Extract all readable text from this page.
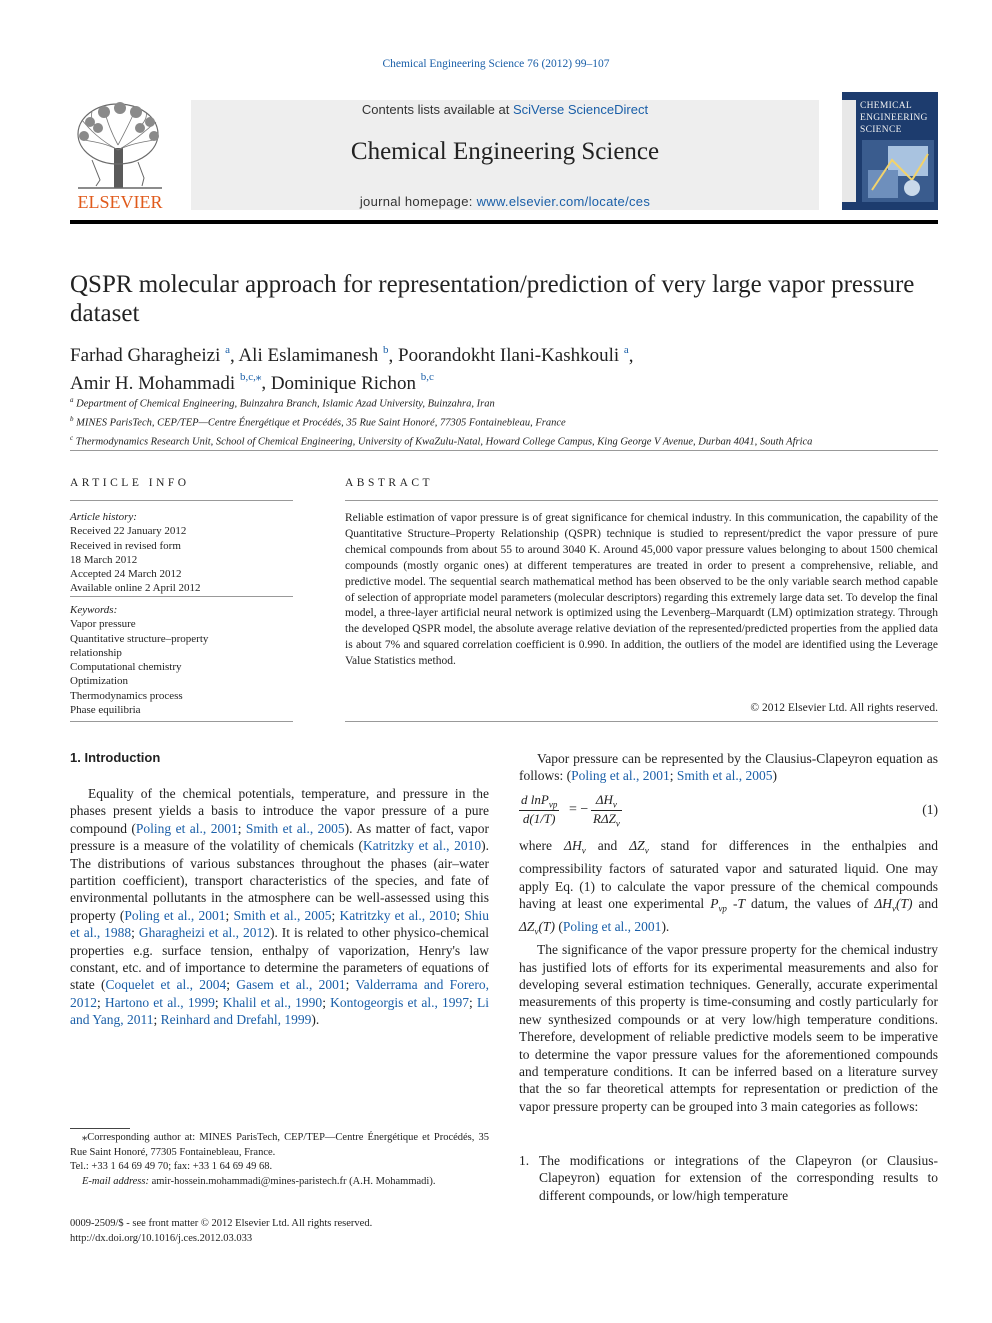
Chemical Engineering Science 76 (2012) 99–107
ELSEVIER
Contents lists available at SciVerse ScienceDirect
Chemical Engineering Science
journal homepage: www.elsevier.com/locate/ces
CHEMICAL
ENGINEERING
SCIENCE
QSPR molecular approach for representation/prediction of very large vapor pressure dataset
Farhad Gharagheizi $^a$, Ali Eslamimanesh $^b$, Poorandokht Ilani-Kashkouli $^a$,
Amir H. Mohammadi $^{b,c,⁎}$, Dominique Richon $^{b,c}$
$^a$ Department of Chemical Engineering, Buinzahra Branch, Islamic Azad University, Buinzahra, Iran
$^b$ MINES ParisTech, CEP/TEP—Centre Énergétique et Procédés, 35 Rue Saint Honoré, 77305 Fontainebleau, France
$^c$ Thermodynamics Research Unit, School of Chemical Engineering, University of KwaZulu-Natal, Howard College Campus, King George V Avenue, Durban 4041, South Africa
ARTICLE INFO
Article history:
Received 22 January 2012
Received in revised form
18 March 2012
Accepted 24 March 2012
Available online 2 April 2012
Keywords:
Vapor pressure
Quantitative structure–property
relationship
Computational chemistry
Optimization
Thermodynamics process
Phase equilibria
ABSTRACT
Reliable estimation of vapor pressure is of great significance for chemical industry. In this communication, the capability of the Quantitative Structure–Property Relationship (QSPR) technique is studied to represent/predict the vapor pressure of pure chemical compounds from about 55 to around 3040 K. Around 45,000 vapor pressure values belonging to about 1500 chemical compounds (mostly organic ones) at different temperatures are treated in order to present a comprehensive, reliable, and predictive model. The sequential search mathematical method has been observed to be the only variable search method capable of selection of appropriate model parameters (molecular descriptors) regarding this extremely large data set. To develop the final model, a three-layer artificial neural network is optimized using the Levenberg–Marquardt (LM) optimization strategy. Through the developed QSPR model, the absolute average relative deviation of the represented/predicted properties from the applied data is about 7% and squared correlation coefficient is 0.990. In addition, the outliers of the model are identified using the Leverage Value Statistics method.
© 2012 Elsevier Ltd. All rights reserved.
1. Introduction

Equality of the chemical potentials, temperature, and pressure in the phases present yields a basis to introduce the vapor pressure of a pure compound (Poling et al., 2001; Smith et al., 2005). As matter of fact, vapor pressure is a measure of the volatility of chemicals (Katritzky et al., 2010). The distributions of various substances throughout the phases (air–water partition coefficient), transport characteristics of the species, and fate of environmental pollutants in the atmosphere can be well-assessed using this property (Poling et al., 2001; Smith et al., 2005; Katritzky et al., 2010; Shiu et al., 1988; Gharagheizi et al., 2012). It is related to other physico-chemical properties e.g. surface tension, enthalpy of vaporization, Henry's law constant, etc. and of importance to determine the parameters of equations of state (Coquelet et al., 2004; Gasem et al., 2001; Valderrama and Forero, 2012; Hartono et al., 1999; Khalil et al., 1990; Kontogeorgis et al., 1997; Li and Yang, 2011; Reinhard and Drefahl, 1999).

Vapor pressure can be represented by the Clausius-Clapeyron equation as follows: (Poling et al., 2001; Smith et al., 2005)

d lnP$_{vp}$
d(1/T)
= −
$\Delta H_v$
$R\Delta Z_v$
(1)

where $\Delta H_v$ and $\Delta Z_v$ stand for differences in the enthalpies and compressibility factors of saturated vapor and saturated liquid. One may apply Eq. (1) to calculate the vapor pressure of the chemical compounds having at least one experimental $P_{vp}$ -T datum, the values of $\Delta H_v(T)$ and $\Delta Z_v(T)$ (Poling et al., 2001).

The significance of the vapor pressure property for the chemical industry has justified lots of efforts for its experimental measurements and also for developing several estimation techniques. Generally, accurate experimental measurements of this property is time-consuming and costly particularly for new synthesized compounds or at very low/high temperature conditions. Therefore, development of reliable predictive models seem to be imperative to determine the vapor pressure values for the aforementioned compounds and temperature conditions. It can be inferred based on a literature survey that the so far theoretical attempts for representation or prediction of the vapor pressure property can be grouped into 3 main categories as follows:

1. The modifications or integrations of the Clapeyron (or Clausius-Clapeyron) equation for extension of the corresponding results to different compounds, or low/high temperature
⁎Corresponding author at: MINES ParisTech, CEP/TEP—Centre Énergétique et Procédés, 35 Rue Saint Honoré, 77305 Fontainebleau, France.
Tel.: +33 1 64 69 49 70; fax: +33 1 64 69 49 68.
E-mail address: amir-hossein.mohammadi@mines-paristech.fr (A.H. Mohammadi).
0009-2509/$ - see front matter © 2012 Elsevier Ltd. All rights reserved.
http://dx.doi.org/10.1016/j.ces.2012.03.033
